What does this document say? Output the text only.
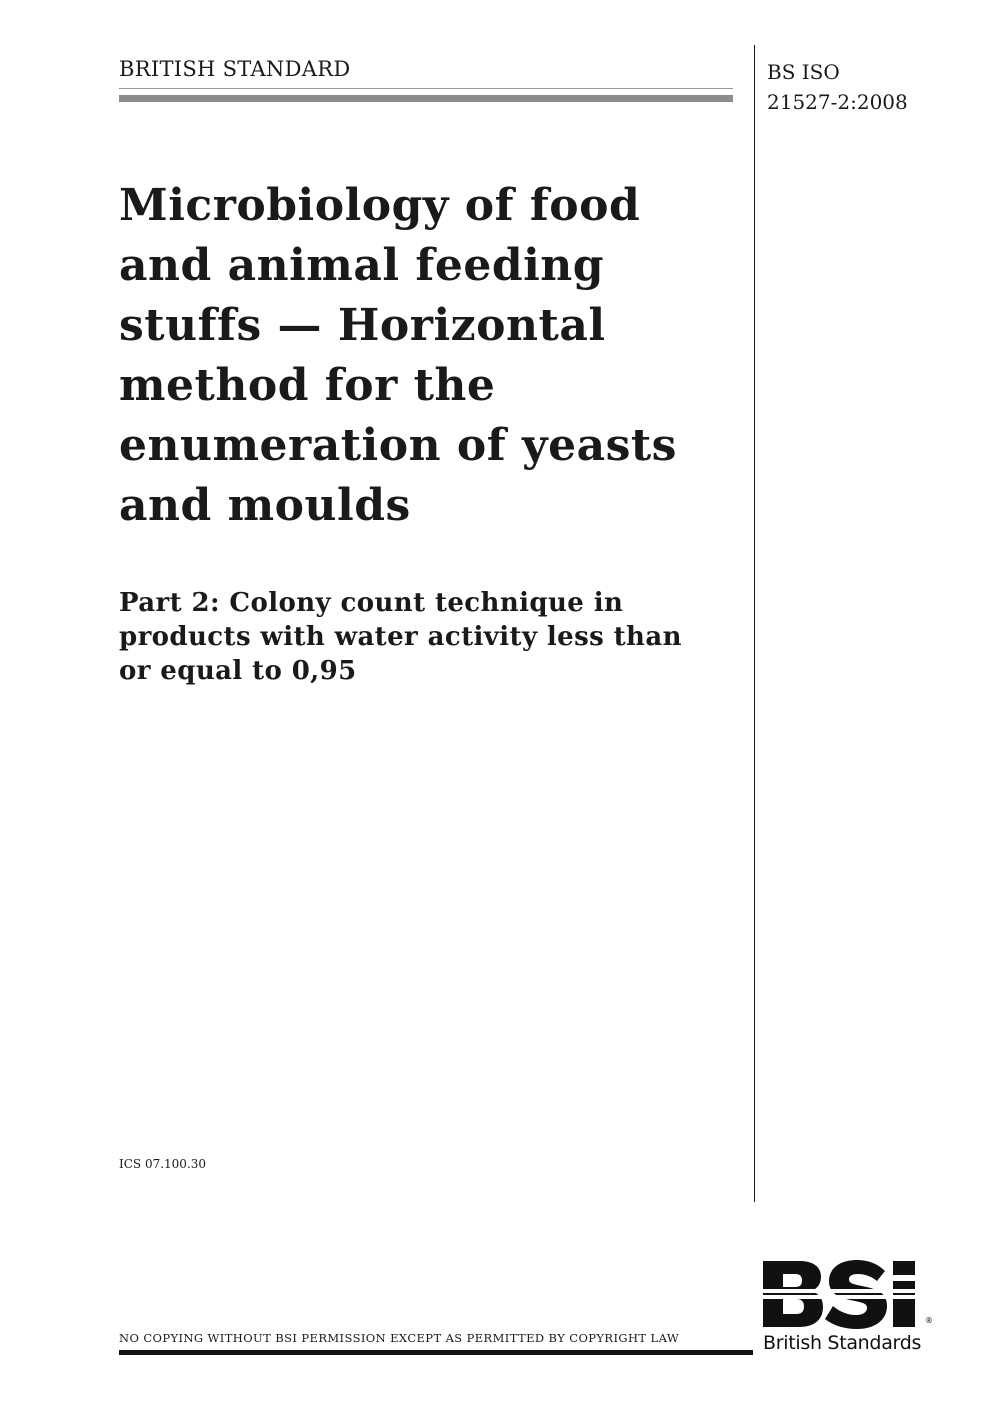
BRITISH STANDARD	BS ISO
21527-2:2008
Microbiology of food
and animal feeding
stuffs — Horizontal
method for the
enumeration of yeasts
and moulds
Part 2: Colony count technique in
products with water activity less than
or equal to 0,95
ICS 07.100.30
NO COPYING WITHOUT BSI PERMISSION EXCEPT AS PERMITTED BY COPYRIGHT LAW
®
British Standards
